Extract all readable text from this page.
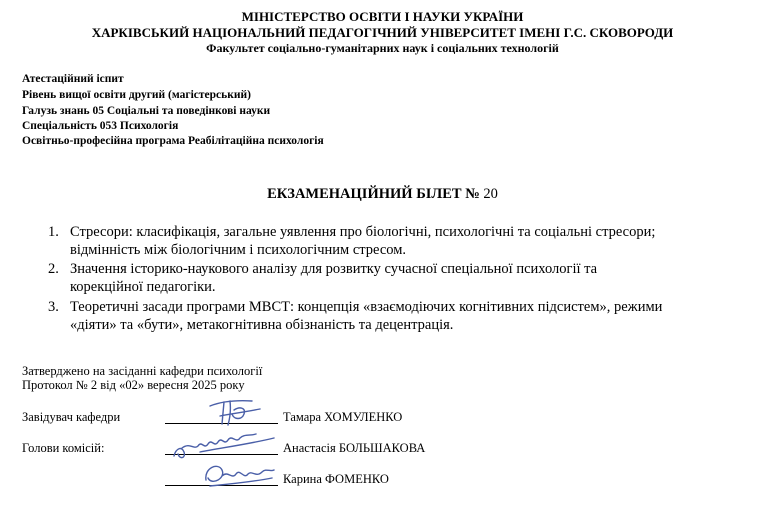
МІНІСТЕРСТВО ОСВІТИ І НАУКИ УКРАЇНИ
ХАРКІВСЬКИЙ НАЦІОНАЛЬНИЙ ПЕДАГОГІЧНИЙ УНІВЕРСИТЕТ ІМЕНІ Г.С. СКОВОРОДИ
Факультет соціально-гуманітарних наук і соціальних технологій
Атестаційний іспит
Рівень вищої освіти другий (магістерський)
Галузь знань 05 Соціальні та поведінкові науки
Спеціальність 053 Психологія
Освітньо-професійна програма Реабілітаційна психологія
ЕКЗАМЕНАЦІЙНИЙ БІЛЕТ № 20
1. Стресори: класифікація, загальне уявлення про біологічні, психологічні та соціальні стресори;
відмінність між біологічним і психологічним стресом.
2. Значення історико-наукового аналізу для розвитку сучасної спеціальної психології та
корекційної педагогіки.
3. Теоретичні засади програми МВСТ: концепція «взаємодіючих когнітивних підсистем», режими
«діяти» та «бути», метакогнітивна обізнаність та децентрація.
Затверджено на засіданні кафедри психології
Протокол № 2 від «02» вересня 2025 року
Завідувач кафедри	Тамара ХОМУЛЕНКО
Голови комісій:	Анастасія БОЛЬШАКОВА
Карина ФОМЕНКО
